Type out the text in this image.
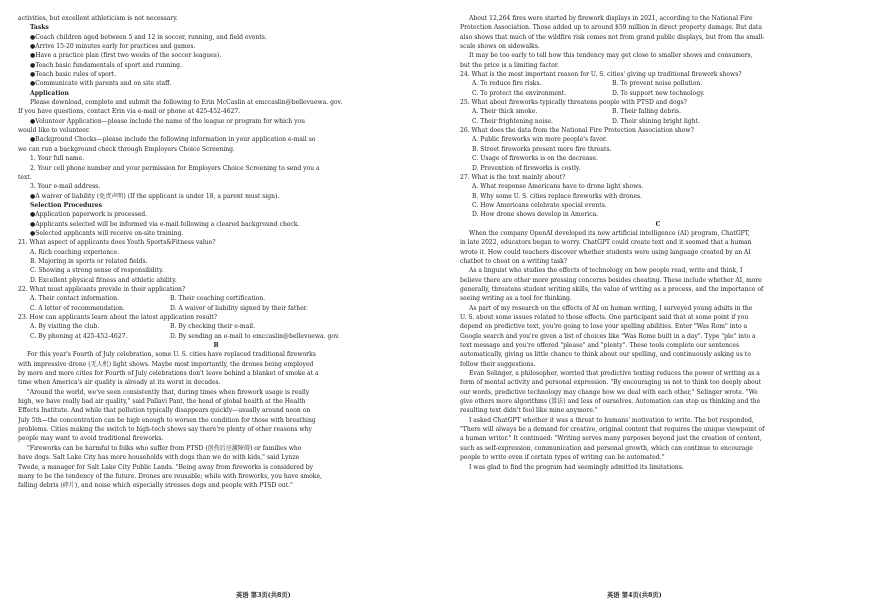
activities, but excellent athleticism is not necessary.
Tasks
●Coach children aged between 5 and 12 in soccer, running, and field events.
●Arrive 15-20 minutes early for practices and games.
●Have a practice plan (first two weeks of the soccer leagues).
●Teach basic fundamentals of sport and running.
●Teach basic rules of sport.
●Communicate with parents and on site staff.
Application
Please download, complete and submit the following to Erin McCaslin at emccaslin@bellevuewa. gov.
If you have questions, contact Erin via e-mail or phone at 425-452-4627.
●Volunteer Application—please include the name of the league or program for which you
would like to volunteer.
●Background Checks—please include the following information in your application e-mail so
we can run a background check through Employers Choice Screening.
1. Your full name.
2. Your cell phone number and your permission for Employers Choice Screening to send you a
text.
3. Your e-mail address.
●A waiver of liability (免责声明) (If the applicant is under 18, a parent must sign).
Selection Procedures
●Application paperwork is processed.
●Applicants selected will be informed via e-mail following a cleared background check.
●Selected applicants will receive on-site training.
21. What aspect of applicants does Youth Sports&Fitness value?
A. Rich coaching experience.
B. Majoring in sports or related fields.
C. Showing a strong sense of responsibility.
D. Excellent physical fitness and athletic ability.
22. What must applicants provide in their application?
A. Their contact information.	B. Their coaching certification.
C. A letter of recommendation.	D. A waiver of liability signed by their father.
23. How can applicants learn about the latest application result?
A. By visiting the club.	B. By checking their e-mail.
C. By phoning at 425-452-4627.	D. By sending an e-mail to emccaslin@bellevuewa. gov.
B
For this year's Fourth of July celebration, some U. S. cities have replaced traditional fireworks
with impressive drone (无人机) light shows. Maybe most importantly, the drones being employed
by more and more cities for Fourth of July celebrations don't leave behind a blanket of smoke at a
time when America's air quality is already at its worst in decades.
"Around the world, we've seen consistently that, during times when firework usage is really
high, we have really bad air quality," said Pallavi Pant, the head of global health at the Health
Effects Institute. And while that pollution typically disappears quickly—usually around noon on
July 5th—the concentration can be high enough to worsen the condition for those with breathing
problems. Cities making the switch to high-tech shows say there're plenty of other reasons why
people may want to avoid traditional fireworks.
"Fireworks can be harmful to folks who suffer from PTSD (创伤后应激障碍) or families who
have dogs. Salt Lake City has more households with dogs than we do with kids," said Lynze
Twede, a manager for Salt Lake City Public Lands. "Being away from fireworks is considered by
many to be the tendency of the future. Drones are reusable; while with fireworks, you have smoke,
falling debris (碎片), and noise which especially stresses dogs and people with PTSD out."
About 12,264 fires were started by firework displays in 2021, according to the National Fire
Protection Association. Those added up to around $59 million in direct property damage. But data
also shows that much of the wildfire risk comes not from grand public displays, but from the small-
scale shows on sidewalks.
It may be too early to tell how this tendency may get close to smaller shows and consumers,
but the price is a limiting factor.
24. What is the most important reason for U. S. cities' giving up traditional firework shows?
A. To reduce fire risks.	B. To prevent noise pollution.
C. To protect the environment.	D. To support new technology.
25. What about fireworks typically threatens people with PTSD and dogs?
A. Their thick smoke.	B. Their falling debris.
C. Their frightening noise.	D. Their shining bright light.
26. What does the data from the National Fire Protection Association show?
A. Public fireworks win more people's favor.
B. Street fireworks present more fire threats.
C. Usage of fireworks is on the decrease.
D. Prevention of fireworks is costly.
27. What is the text mainly about?
A. What response Americans have to drone light shows.
B. Why some U. S. cities replace fireworks with drones.
C. How Americans celebrate special events.
D. How drone shows develop in America.
C
When the company OpenAI developed its new artificial intelligence (AI) program, ChatGPT,
in late 2022, educators began to worry. ChatGPT could create text and it seemed that a human
wrote it. How could teachers discover whether students were using language created by an AI
chatbot to cheat on a writing task?
As a linguist who studies the effects of technology on how people read, write and think, I
believe there are other more pressing concerns besides cheating. These include whether AI, more
generally, threatens student writing skills, the value of writing as a process, and the importance of
seeing writing as a tool for thinking.
As part of my research on the effects of AI on human writing, I surveyed young adults in the
U. S. about some issues related to those effects. One participant said that at some point if you
depend on predictive text, you're going to lose your spelling abilities. Enter "Was Rom" into a
Google search and you're given a list of choices like "Was Rome built in a day". Type "ple" into a
text message and you're offered "please" and "plenty". These tools complete our sentences
automatically, giving us little chance to think about our spelling, and continuously asking us to
follow their suggestions.
Evan Selinger, a philosopher, worried that predictive texting reduces the power of writing as a
form of mental activity and personal expression. "By encouraging us not to think too deeply about
our words, predictive technology may change how we deal with each other," Selinger wrote. "We
give others more algorithms (算法) and less of ourselves. Automation can stop us thinking and the
resulting text didn't feel like mine anymore."
I asked ChatGPT whether it was a threat to humans' motivation to write. The bot responded,
"There will always be a demand for creative, original content that requires the unique viewpoint of
a human writer." It continued: "Writing serves many purposes beyond just the creation of content,
such as self-expression, communication and personal growth, which can continue to encourage
people to write even if certain types of writing can be automated."
I was glad to find the program had seemingly admitted its limitations.
英语 第3页(共8页)	英语 第4页(共8页)
